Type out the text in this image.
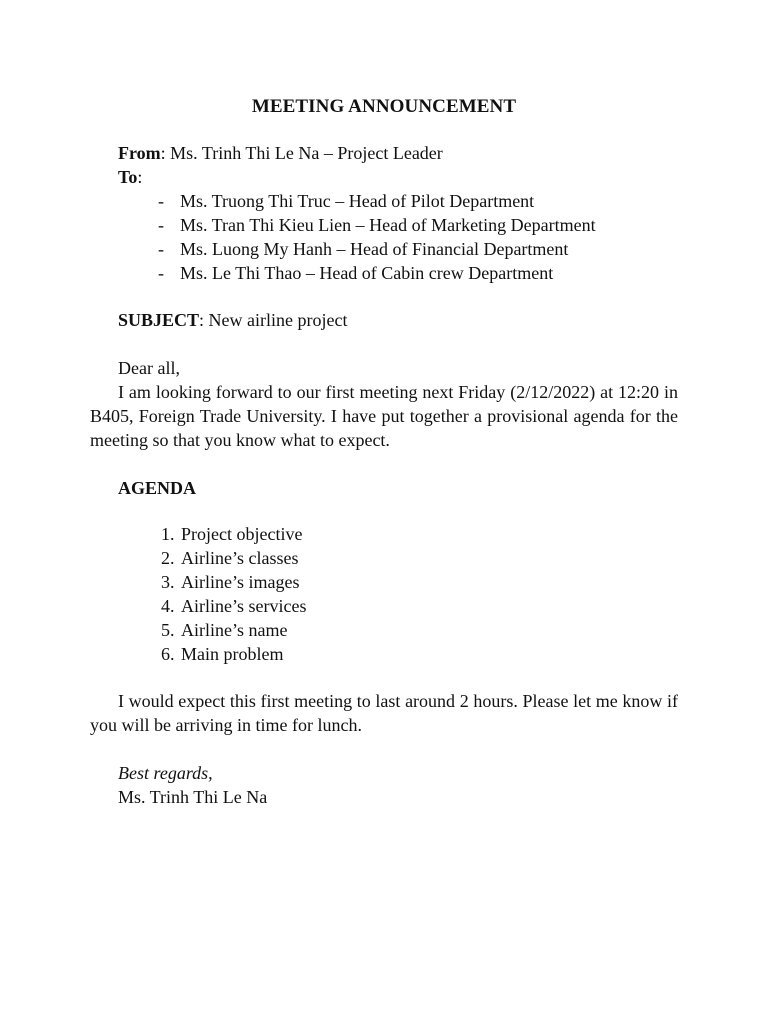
MEETING ANNOUNCEMENT
From: Ms. Trinh Thi Le Na – Project Leader
To:
- Ms. Truong Thi Truc – Head of Pilot Department
- Ms. Tran Thi Kieu Lien – Head of Marketing Department
- Ms. Luong My Hanh – Head of Financial Department
- Ms. Le Thi Thao – Head of Cabin crew Department
SUBJECT: New airline project
Dear all,
I am looking forward to our first meeting next Friday (2/12/2022) at 12:20 in B405, Foreign Trade University. I have put together a provisional agenda for the meeting so that you know what to expect.
AGENDA
1. Project objective
2. Airline’s classes
3. Airline’s images
4. Airline’s services
5. Airline’s name
6. Main problem
I would expect this first meeting to last around 2 hours. Please let me know if you will be arriving in time for lunch.
Best regards,
Ms. Trinh Thi Le Na
